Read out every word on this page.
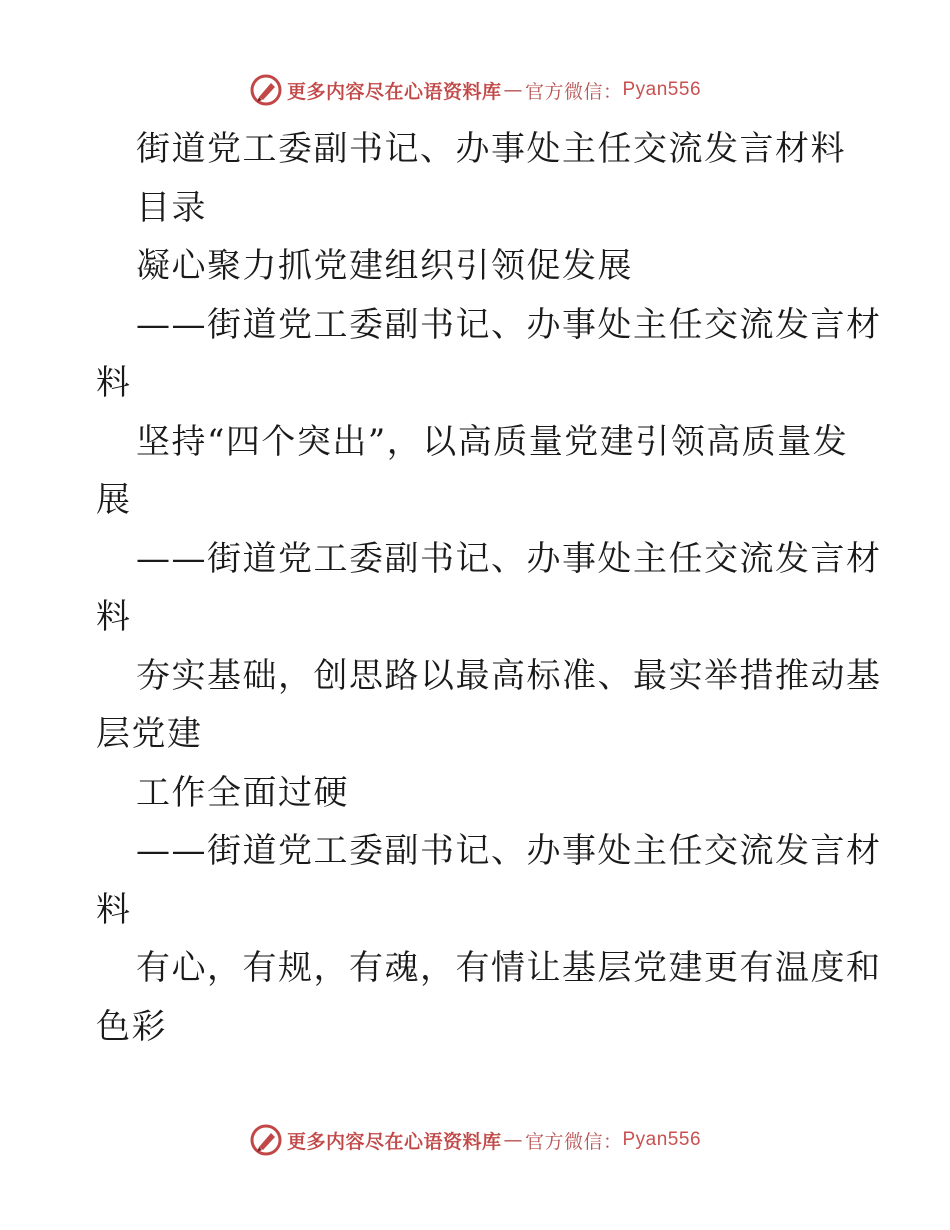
更多内容尽在心语资料库 — 官方微信： Pyan556
街道党工委副书记、办事处主任交流发言材料
目录
凝心聚力抓党建组织引领促发展
——街道党工委副书记、办事处主任交流发言材
料
坚持“四个突出”，以高质量党建引领高质量发
展
——街道党工委副书记、办事处主任交流发言材
料
夯实基础，创思路以最高标准、最实举措推动基
层党建
工作全面过硬
——街道党工委副书记、办事处主任交流发言材
料
有心，有规，有魂，有情让基层党建更有温度和
色彩
更多内容尽在心语资料库 — 官方微信： Pyan556
